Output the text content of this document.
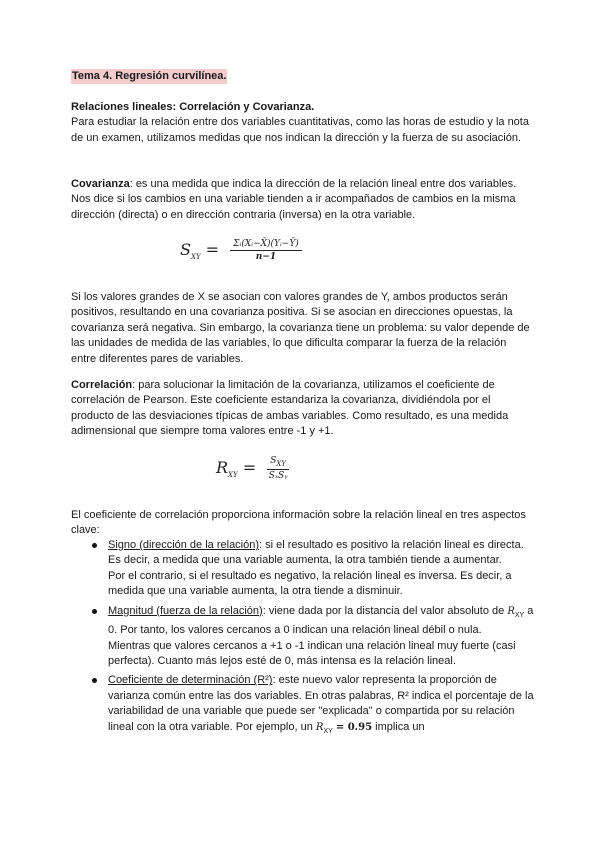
Tema 4. Regresión curvilínea.
Relaciones lineales: Correlación y Covarianza.
Para estudiar la relación entre dos variables cuantitativas, como las horas de estudio y la nota de un examen, utilizamos medidas que nos indican la dirección y la fuerza de su asociación.
Covarianza: es una medida que indica la dirección de la relación lineal entre dos variables. Nos dice si los cambios en una variable tienden a ir acompañados de cambios en la misma dirección (directa) o en dirección contraria (inversa) en la otra variable.
$S_{XY} = \frac{\text{Σᵢ(Xᵢ−X̄)(Yᵢ−Ȳ)}}{n-1}$
Si los valores grandes de X se asocian con valores grandes de Y, ambos productos serán positivos, resultando en una covarianza positiva. Si se asocian en direcciones opuestas, la covarianza será negativa. Sin embargo, la covarianza tiene un problema: su valor depende de las unidades de medida de las variables, lo que dificulta comparar la fuerza de la relación entre diferentes pares de variables.
Correlación: para solucionar la limitación de la covarianza, utilizamos el coeficiente de correlación de Pearson. Este coeficiente estandariza la covarianza, dividiéndola por el producto de las desviaciones típicas de ambas variables. Como resultado, es una medida adimensional que siempre toma valores entre -1 y +1.
$R_{XY} = \frac{S_{XY}}{\text{SₓSᵧ}}$
El coeficiente de correlación proporciona información sobre la relación lineal en tres aspectos clave:
Signo (dirección de la relación): si el resultado es positivo la relación lineal es directa. Es decir, a medida que una variable aumenta, la otra también tiende a aumentar.
Por el contrario, si el resultado es negativo, la relación lineal es inversa. Es decir, a medida que una variable aumenta, la otra tiende a disminuir.
Magnitud (fuerza de la relación): viene dada por la distancia del valor absoluto de $R_{XY}$ a 0. Por tanto, los valores cercanos a 0 indican una relación lineal débil o nula.
Mientras que valores cercanos a +1 o -1 indican una relación lineal muy fuerte (casi perfecta). Cuanto más lejos esté de 0, más intensa es la relación lineal.
Coeficiente de determinación (R²): este nuevo valor representa la proporción de varianza común entre las dos variables. En otras palabras, R² indica el porcentaje de la variabilidad de una variable que puede ser "explicada" o compartida por su relación lineal con la otra variable. Por ejemplo, un $R_{XY} = 0.95$ implica un
